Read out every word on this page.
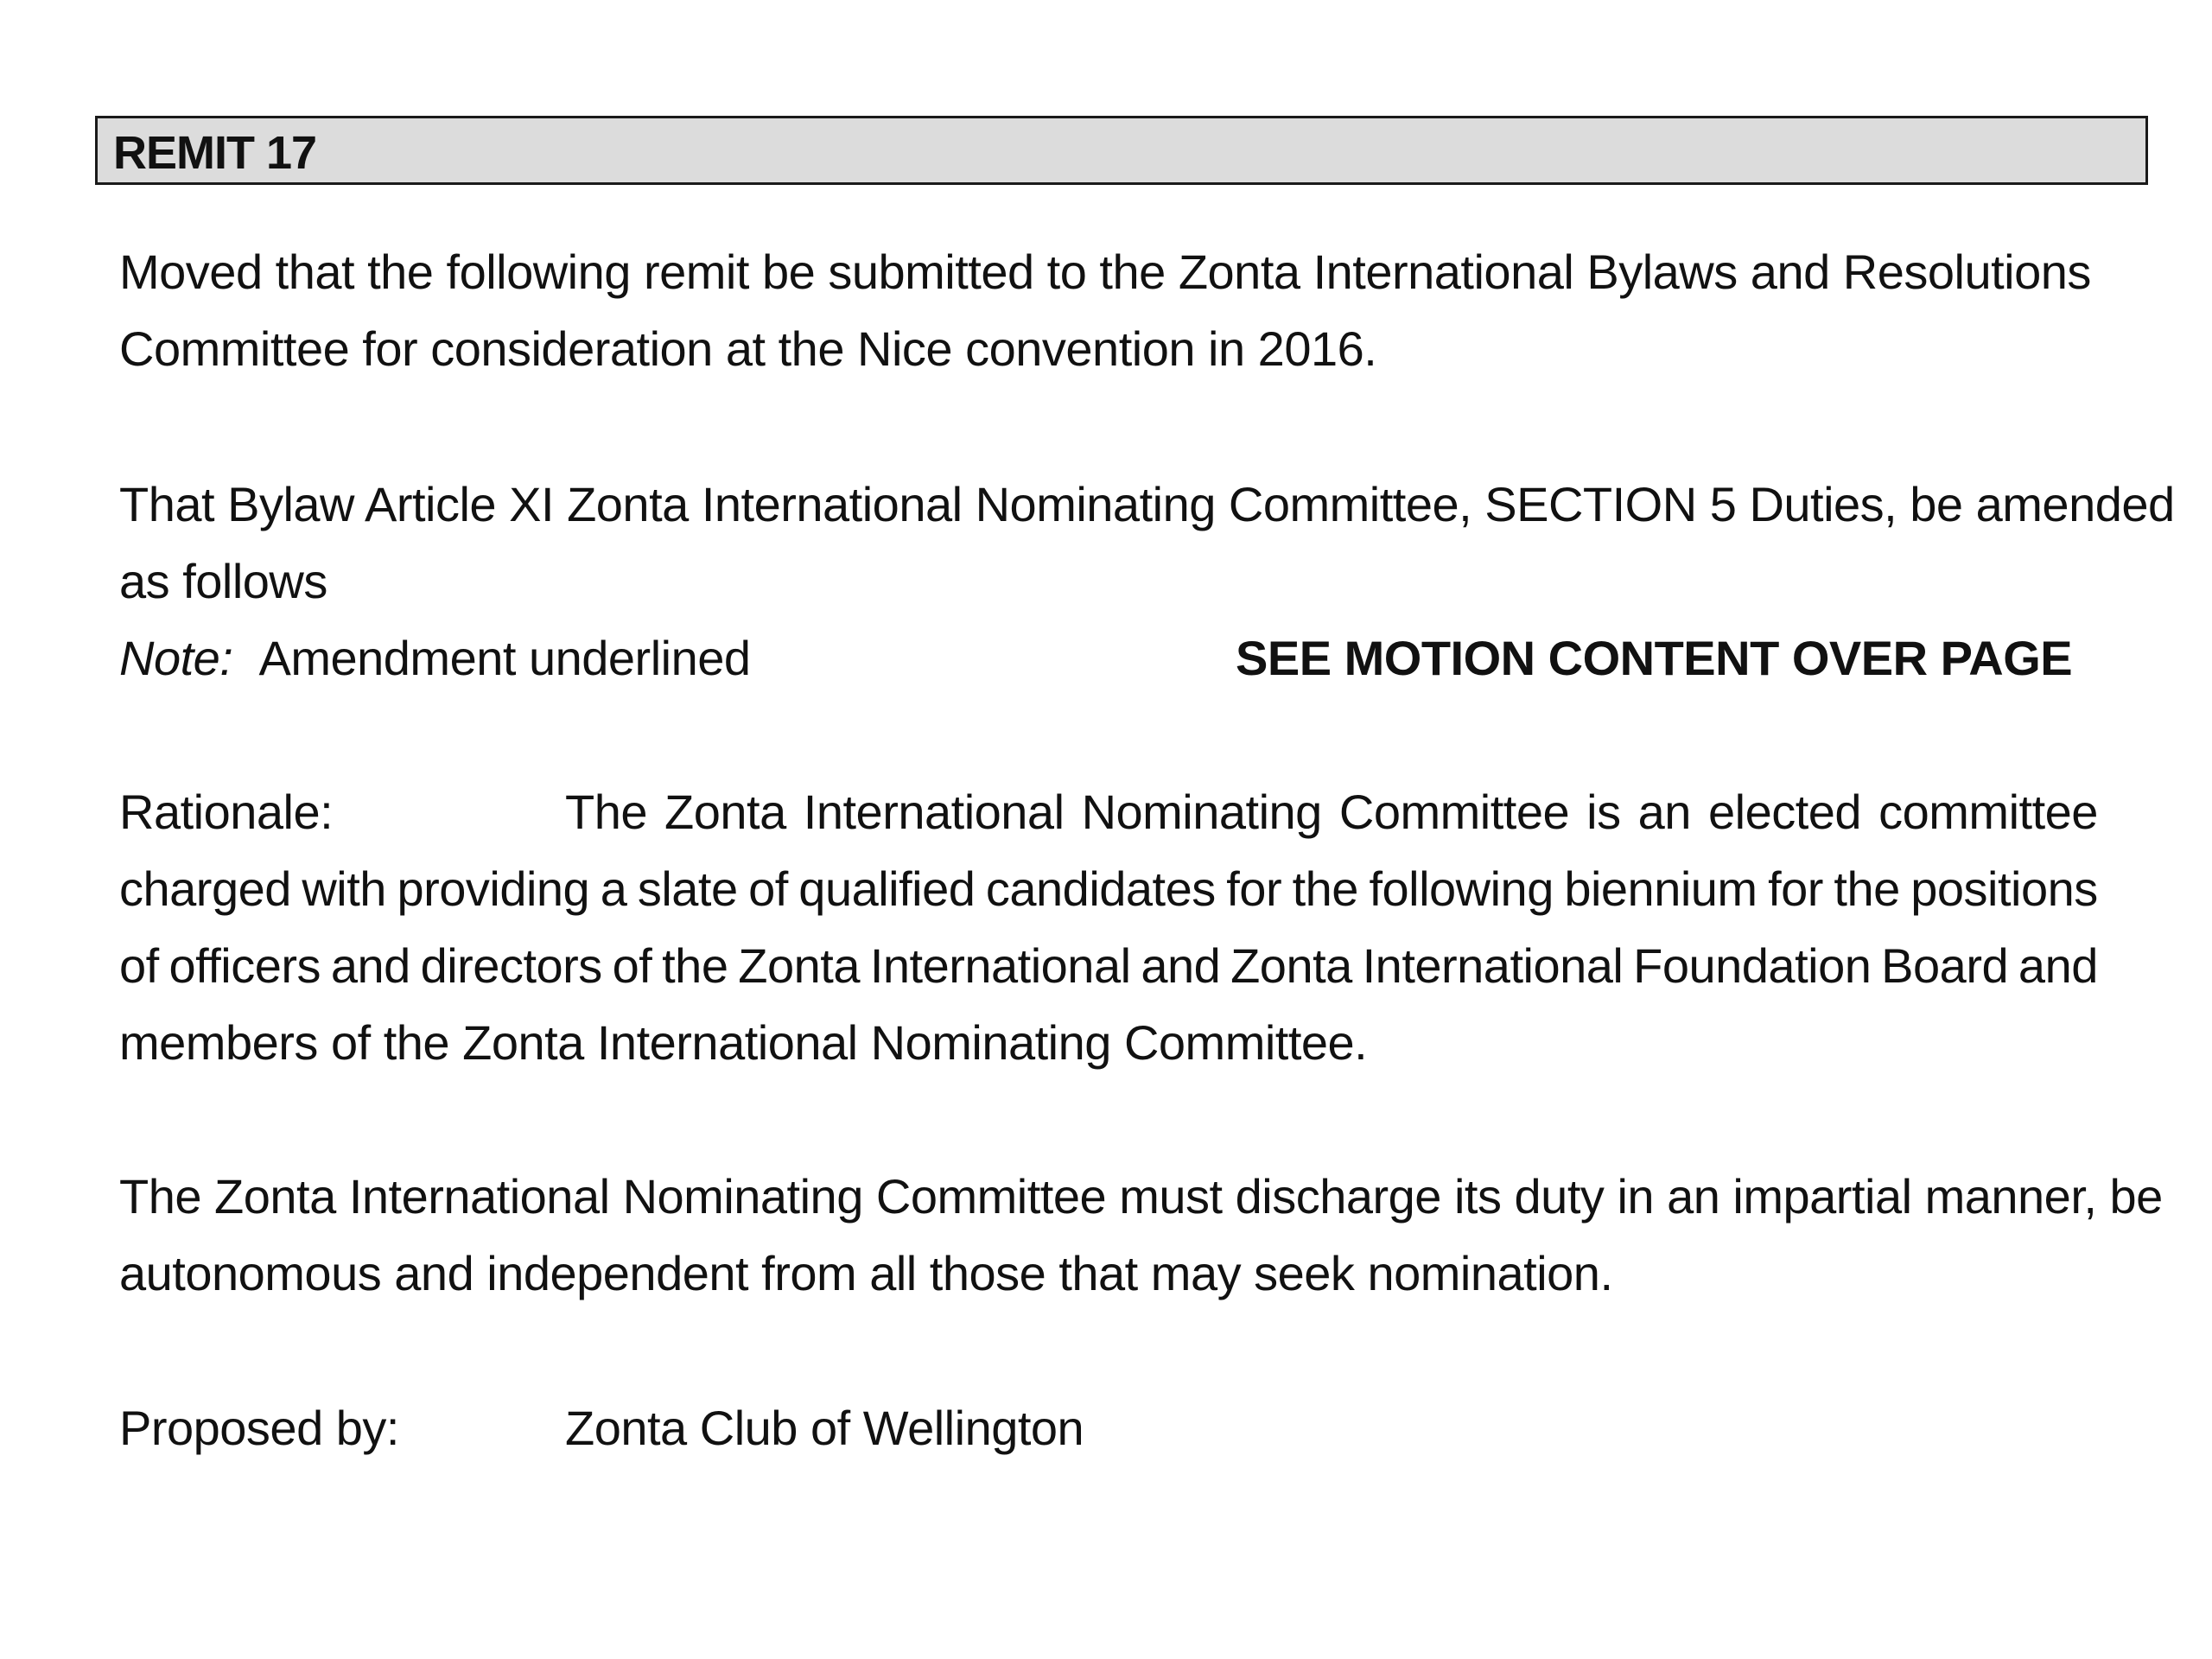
REMIT 17
Moved that the following remit be submitted to the Zonta International Bylaws and Resolutions
Committee for consideration at the Nice convention in 2016.
That Bylaw Article XI Zonta International Nominating Committee, SECTION 5 Duties, be amended
as follows
Note: Amendment underlined	SEE MOTION CONTENT OVER PAGE
Rationale:	The Zonta International Nominating Committee is an elected committee
charged with providing a slate of qualified candidates for the following biennium for the positions
of officers and directors of the Zonta International and Zonta International Foundation Board and
members of the Zonta International Nominating Committee.
The Zonta International Nominating Committee must discharge its duty in an impartial manner, be
autonomous and independent from all those that may seek nomination.
Proposed by:	Zonta Club of Wellington
